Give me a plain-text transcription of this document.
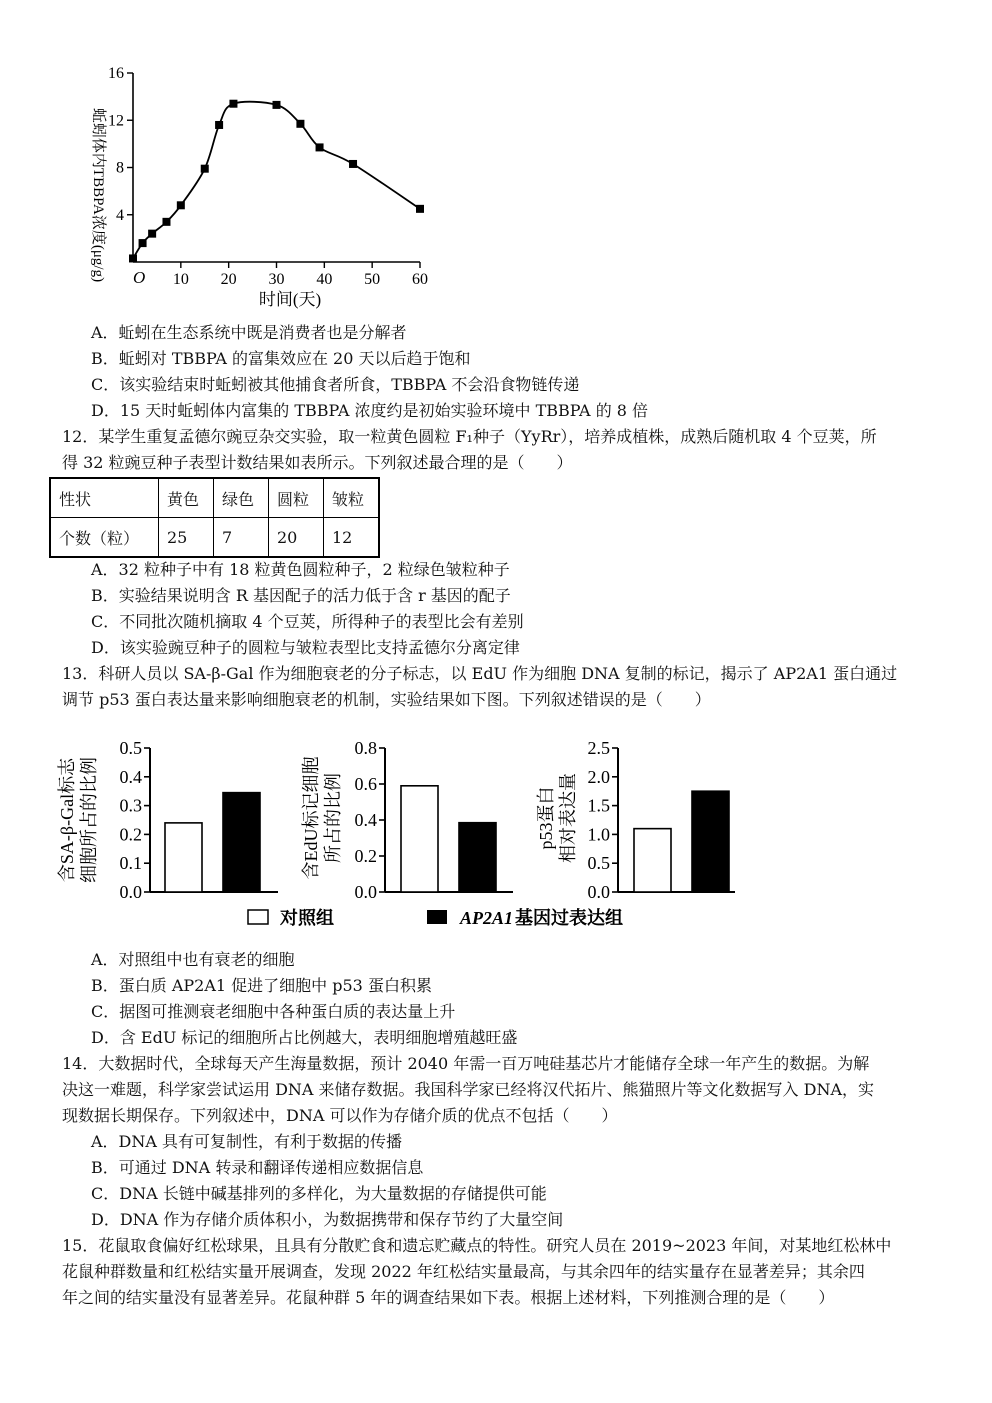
10 20 30 40 50 60
4
8
12
16
O
时间(天)
蚯蚓体内TBBPA浓度(μg/g)
A．蚯蚓在生态系统中既是消费者也是分解者
B．蚯蚓对 TBBPA 的富集效应在 20 天以后趋于饱和
C．该实验结束时蚯蚓被其他捕食者所食，TBBPA 不会沿食物链传递
D．15 天时蚯蚓体内富集的 TBBPA 浓度约是初始实验环境中 TBBPA 的 8 倍
12．某学生重复孟德尔豌豆杂交实验，取一粒黄色圆粒 F₁种子（YyRr），培养成植株，成熟后随机取 4 个豆荚，所
得 32 粒豌豆种子表型计数结果如表所示。下列叙述最合理的是（　　）
性状	黄色	绿色	圆粒	皱粒
个数（粒）	25	7	20	12
A．32 粒种子中有 18 粒黄色圆粒种子，2 粒绿色皱粒种子
B．实验结果说明含 R 基因配子的活力低于含 r 基因的配子
C．不同批次随机摘取 4 个豆荚，所得种子的表型比会有差别
D．该实验豌豆种子的圆粒与皱粒表型比支持孟德尔分离定律
13．科研人员以 SA-β-Gal 作为细胞衰老的分子标志，以 EdU 作为细胞 DNA 复制的标记，揭示了 AP2A1 蛋白通过
调节 p53 蛋白表达量来影响细胞衰老的机制，实验结果如下图。下列叙述错误的是（　　）
0.0
0.1
0.2
0.3
0.4
0.5
0.0
0.2
0.4
0.6
0.8
0.0
0.5
1.0
1.5
2.0
2.5
含SA-β-Gal标志 细胞所占的比例	含EdU标记细胞 所占的比例	p53蛋白 相对表达量
对照组	AP2A1 基因过表达组
A．对照组中也有衰老的细胞
B．蛋白质 AP2A1 促进了细胞中 p53 蛋白积累
C．据图可推测衰老细胞中各种蛋白质的表达量上升
D．含 EdU 标记的细胞所占比例越大，表明细胞增殖越旺盛
14．大数据时代，全球每天产生海量数据，预计 2040 年需一百万吨硅基芯片才能储存全球一年产生的数据。为解
决这一难题，科学家尝试运用 DNA 来储存数据。我国科学家已经将汉代拓片、熊猫照片等文化数据写入 DNA，实
现数据长期保存。下列叙述中，DNA 可以作为存储介质的优点不包括（　　）
A．DNA 具有可复制性，有利于数据的传播
B．可通过 DNA 转录和翻译传递相应数据信息
C．DNA 长链中碱基排列的多样化，为大量数据的存储提供可能
D．DNA 作为存储介质体积小，为数据携带和保存节约了大量空间
15．花鼠取食偏好红松球果，且具有分散贮食和遗忘贮藏点的特性。研究人员在 2019~2023 年间，对某地红松林中
花鼠种群数量和红松结实量开展调查，发现 2022 年红松结实量最高，与其余四年的结实量存在显著差异；其余四
年之间的结实量没有显著差异。花鼠种群 5 年的调查结果如下表。根据上述材料，下列推测合理的是（　　）
